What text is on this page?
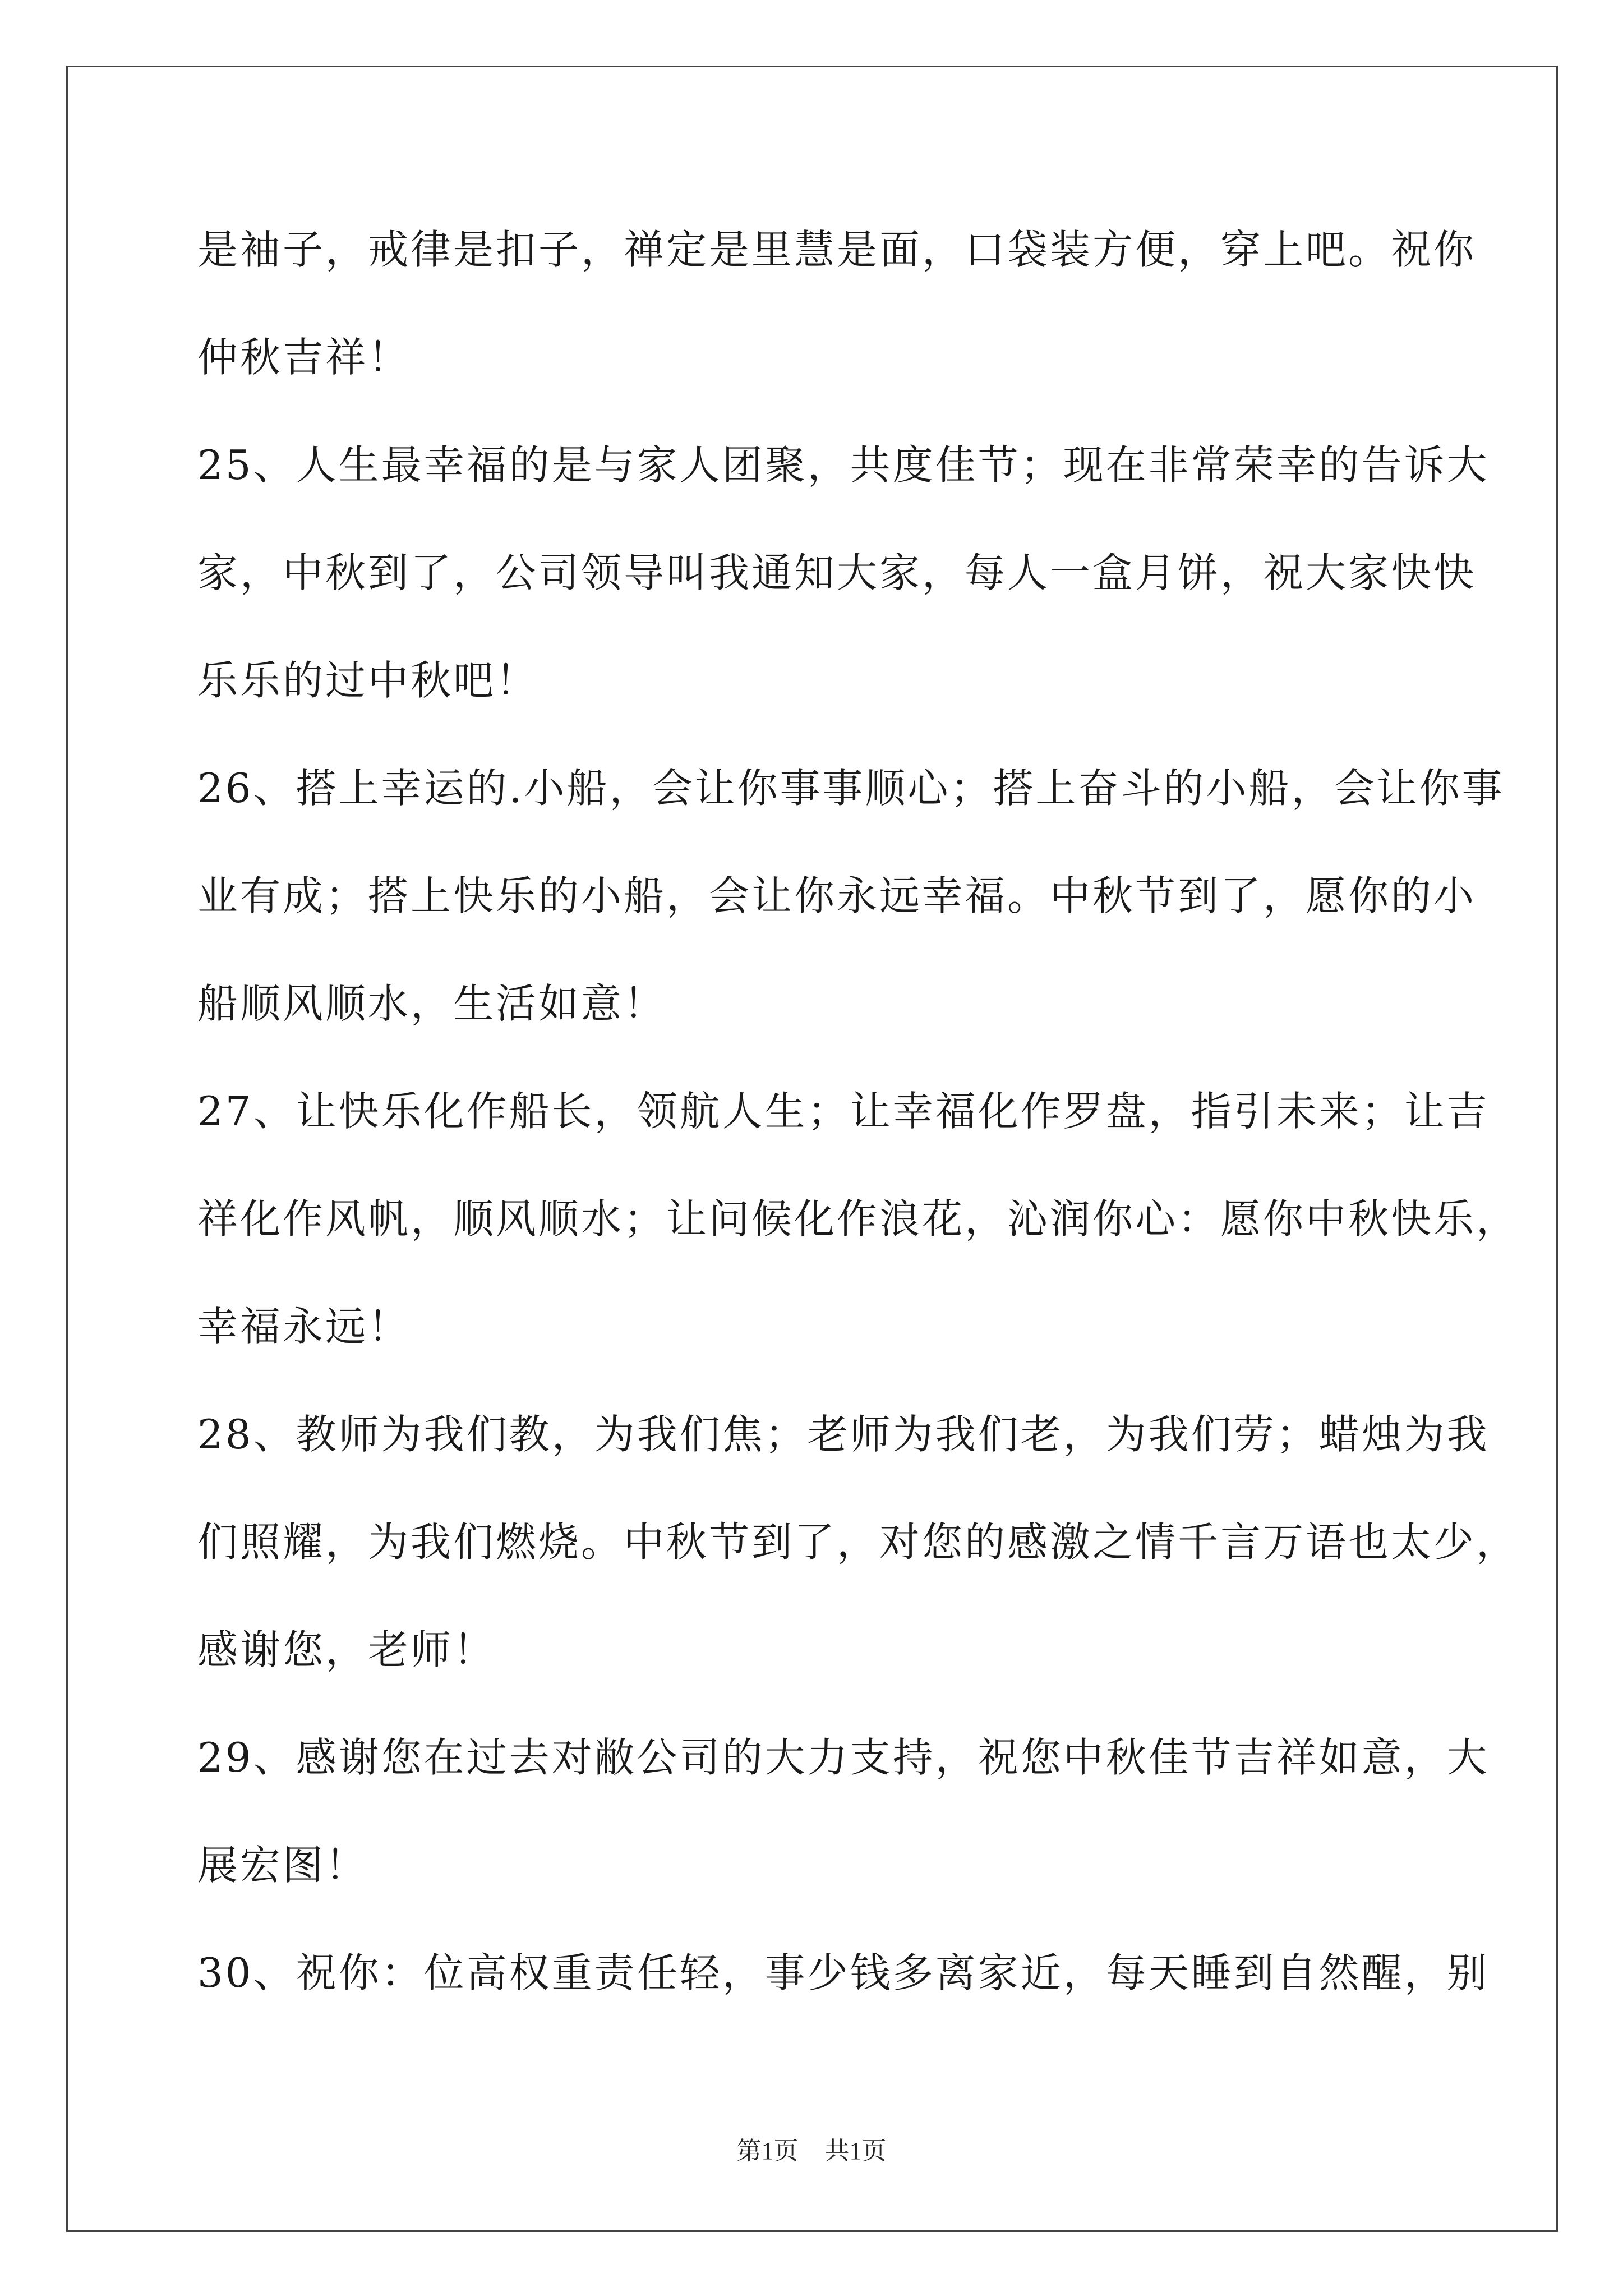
是袖子，戒律是扣子，禅定是里慧是面，口袋装方便，穿上吧。祝你
仲秋吉祥！
25、人生最幸福的是与家人团聚，共度佳节；现在非常荣幸的告诉大
家，中秋到了，公司领导叫我通知大家，每人一盒月饼，祝大家快快
乐乐的过中秋吧！
26、搭上幸运的.小船，会让你事事顺心；搭上奋斗的小船，会让你事
业有成；搭上快乐的小船，会让你永远幸福。中秋节到了，愿你的小
船顺风顺水，生活如意！
27、让快乐化作船长，领航人生；让幸福化作罗盘，指引未来；让吉
祥化作风帆，顺风顺水；让问候化作浪花，沁润你心：愿你中秋快乐，
幸福永远！
28、教师为我们教，为我们焦；老师为我们老，为我们劳；蜡烛为我
们照耀，为我们燃烧。中秋节到了，对您的感激之情千言万语也太少，
感谢您，老师！
29、感谢您在过去对敝公司的大力支持，祝您中秋佳节吉祥如意，大
展宏图！
30、祝你：位高权重责任轻，事少钱多离家近，每天睡到自然醒，别
第1页 共1页
